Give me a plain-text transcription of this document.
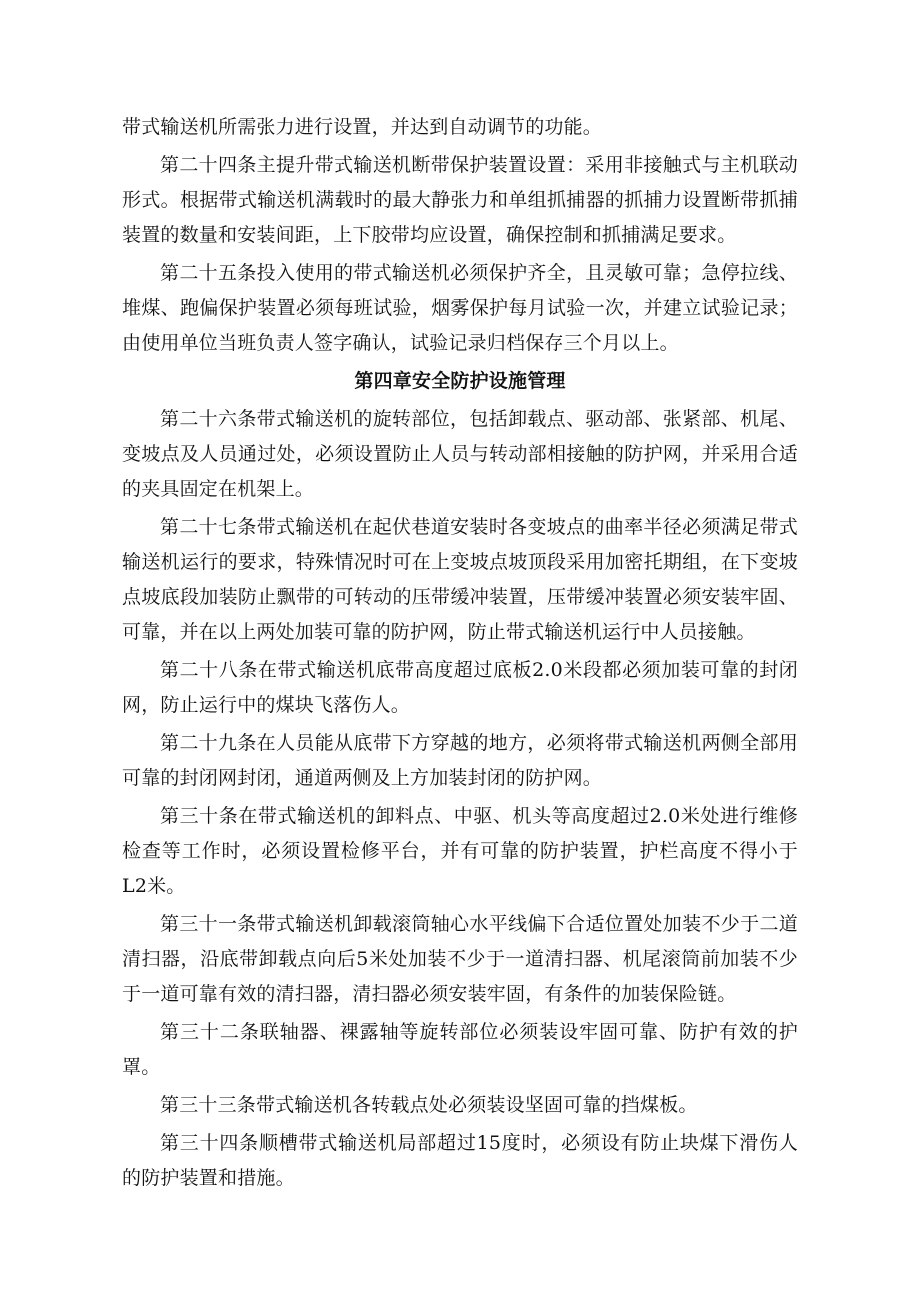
带式输送机所需张力进行设置，并达到自动调节的功能。

第二十四条主提升带式输送机断带保护装置设置：采用非接触式与主机联动形式。根据带式输送机满载时的最大静张力和单组抓捕器的抓捕力设置断带抓捕装置的数量和安装间距，上下胶带均应设置，确保控制和抓捕满足要求。

第二十五条投入使用的带式输送机必须保护齐全，且灵敏可靠；急停拉线、堆煤、跑偏保护装置必须每班试验，烟雾保护每月试验一次，并建立试验记录；由使用单位当班负责人签字确认，试验记录归档保存三个月以上。

第四章安全防护设施管理

第二十六条带式输送机的旋转部位，包括卸载点、驱动部、张紧部、机尾、变坡点及人员通过处，必须设置防止人员与转动部相接触的防护网，并采用合适的夹具固定在机架上。

第二十七条带式输送机在起伏巷道安装时各变坡点的曲率半径必须满足带式输送机运行的要求，特殊情况时可在上变坡点坡顶段采用加密托期组，在下变坡点坡底段加装防止飘带的可转动的压带缓冲装置，压带缓冲装置必须安装牢固、可靠，并在以上两处加装可靠的防护网，防止带式输送机运行中人员接触。

第二十八条在带式输送机底带高度超过底板2.0米段都必须加装可靠的封闭网，防止运行中的煤块飞落伤人。

第二十九条在人员能从底带下方穿越的地方，必须将带式输送机两侧全部用可靠的封闭网封闭，通道两侧及上方加装封闭的防护网。

第三十条在带式输送机的卸料点、中驱、机头等高度超过2.0米处进行维修检查等工作时，必须设置检修平台，并有可靠的防护装置，护栏高度不得小于L2米。

第三十一条带式输送机卸载滚筒轴心水平线偏下合适位置处加装不少于二道清扫器，沿底带卸载点向后5米处加装不少于一道清扫器、机尾滚筒前加装不少于一道可靠有效的清扫器，清扫器必须安装牢固，有条件的加装保险链。

第三十二条联轴器、裸露轴等旋转部位必须装设牢固可靠、防护有效的护罩。

第三十三条带式输送机各转载点处必须装设坚固可靠的挡煤板。

第三十四条顺槽带式输送机局部超过15度时，必须设有防止块煤下滑伤人的防护装置和措施。
